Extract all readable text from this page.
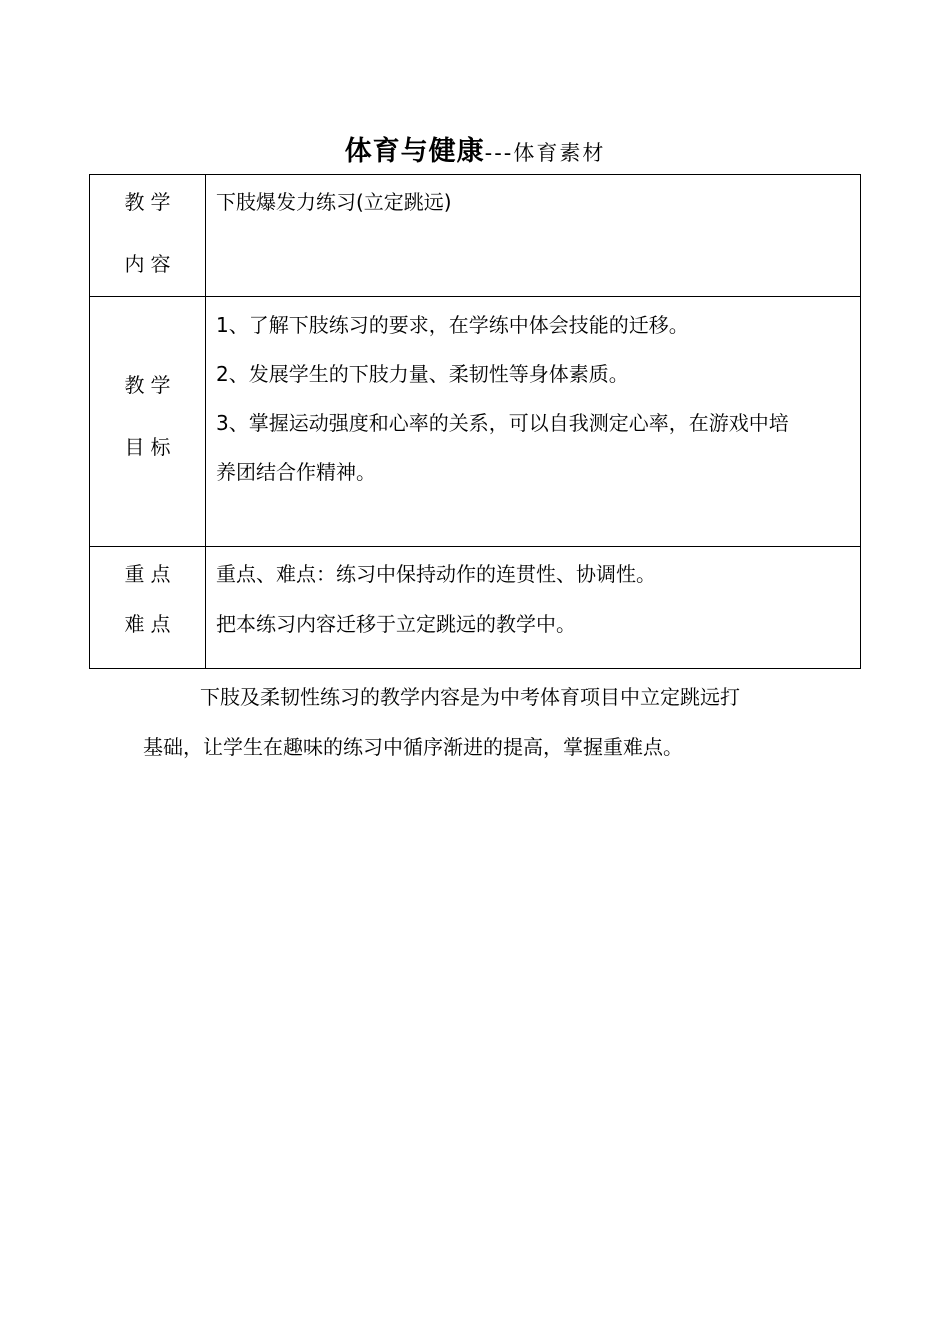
体育与健康---体育素材
教学
内容	下肢爆发力练习(立定跳远)

教学
目标	1、了解下肢练习的要求，在学练中体会技能的迁移。
2、发展学生的下肢力量、柔韧性等身体素质。
3、掌握运动强度和心率的关系，可以自我测定心率，在游戏中培
养团结合作精神。

重点
难点	重点、难点：练习中保持动作的连贯性、协调性。
把本练习内容迁移于立定跳远的教学中。
下肢及柔韧性练习的教学内容是为中考体育项目中立定跳远打
基础，让学生在趣味的练习中循序渐进的提高，掌握重难点。
